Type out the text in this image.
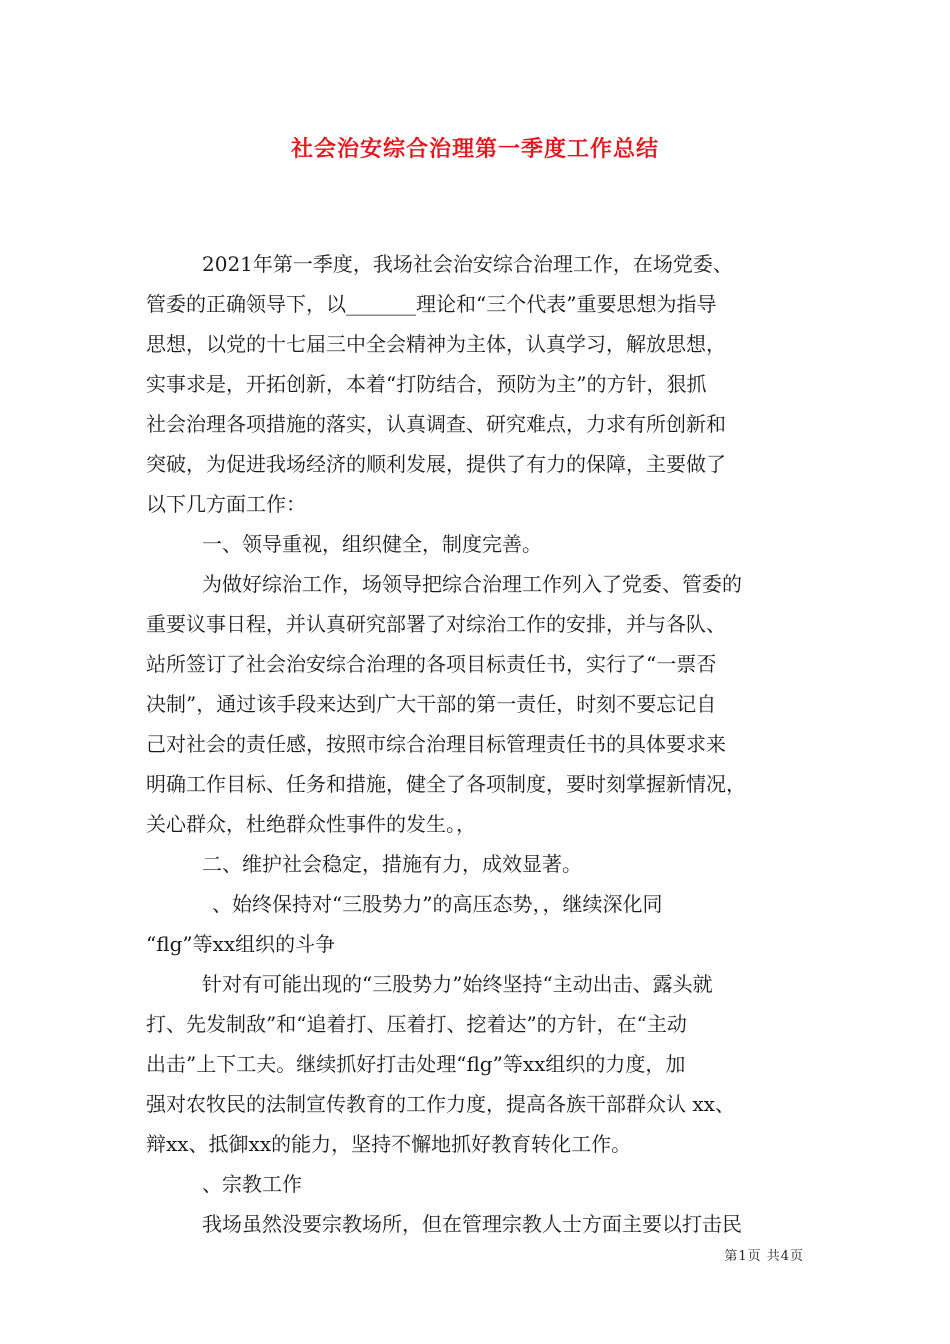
社会治安综合治理第一季度工作总结
2021年第一季度，我场社会治安综合治理工作，在场党委、
管委的正确领导下，以_______理论和“三个代表”重要思想为指导
思想，以党的十七届三中全会精神为主体，认真学习，解放思想，
实事求是，开拓创新，本着“打防结合，预防为主”的方针，狠抓
社会治理各项措施的落实，认真调查、研究难点，力求有所创新和
突破，为促进我场经济的顺利发展，提供了有力的保障，主要做了
以下几方面工作：
一、领导重视，组织健全，制度完善。
为做好综治工作，场领导把综合治理工作列入了党委、管委的
重要议事日程，并认真研究部署了对综治工作的安排，并与各队、
站所签订了社会治安综合治理的各项目标责任书，实行了“一票否
决制”，通过该手段来达到广大干部的第一责任，时刻不要忘记自
己对社会的责任感，按照市综合治理目标管理责任书的具体要求来
明确工作目标、任务和措施，健全了各项制度，要时刻掌握新情况，
关心群众，杜绝群众性事件的发生。，
二、维护社会稳定，措施有力，成效显著。
、始终保持对“三股势力”的高压态势，，继续深化同
“flg”等xx组织的斗争
针对有可能出现的“三股势力”始终坚持“主动出击、露头就
打、先发制敌”和“追着打、压着打、挖着达”的方针，在“主动
出击”上下工夫。继续抓好打击处理“flg”等xx组织的力度，加
强对农牧民的法制宣传教育的工作力度，提高各族干部群众认 xx、
辩xx、抵御xx的能力，坚持不懈地抓好教育转化工作。
、宗教工作
我场虽然没要宗教场所，但在管理宗教人士方面主要以打击民
第1页 共4页
